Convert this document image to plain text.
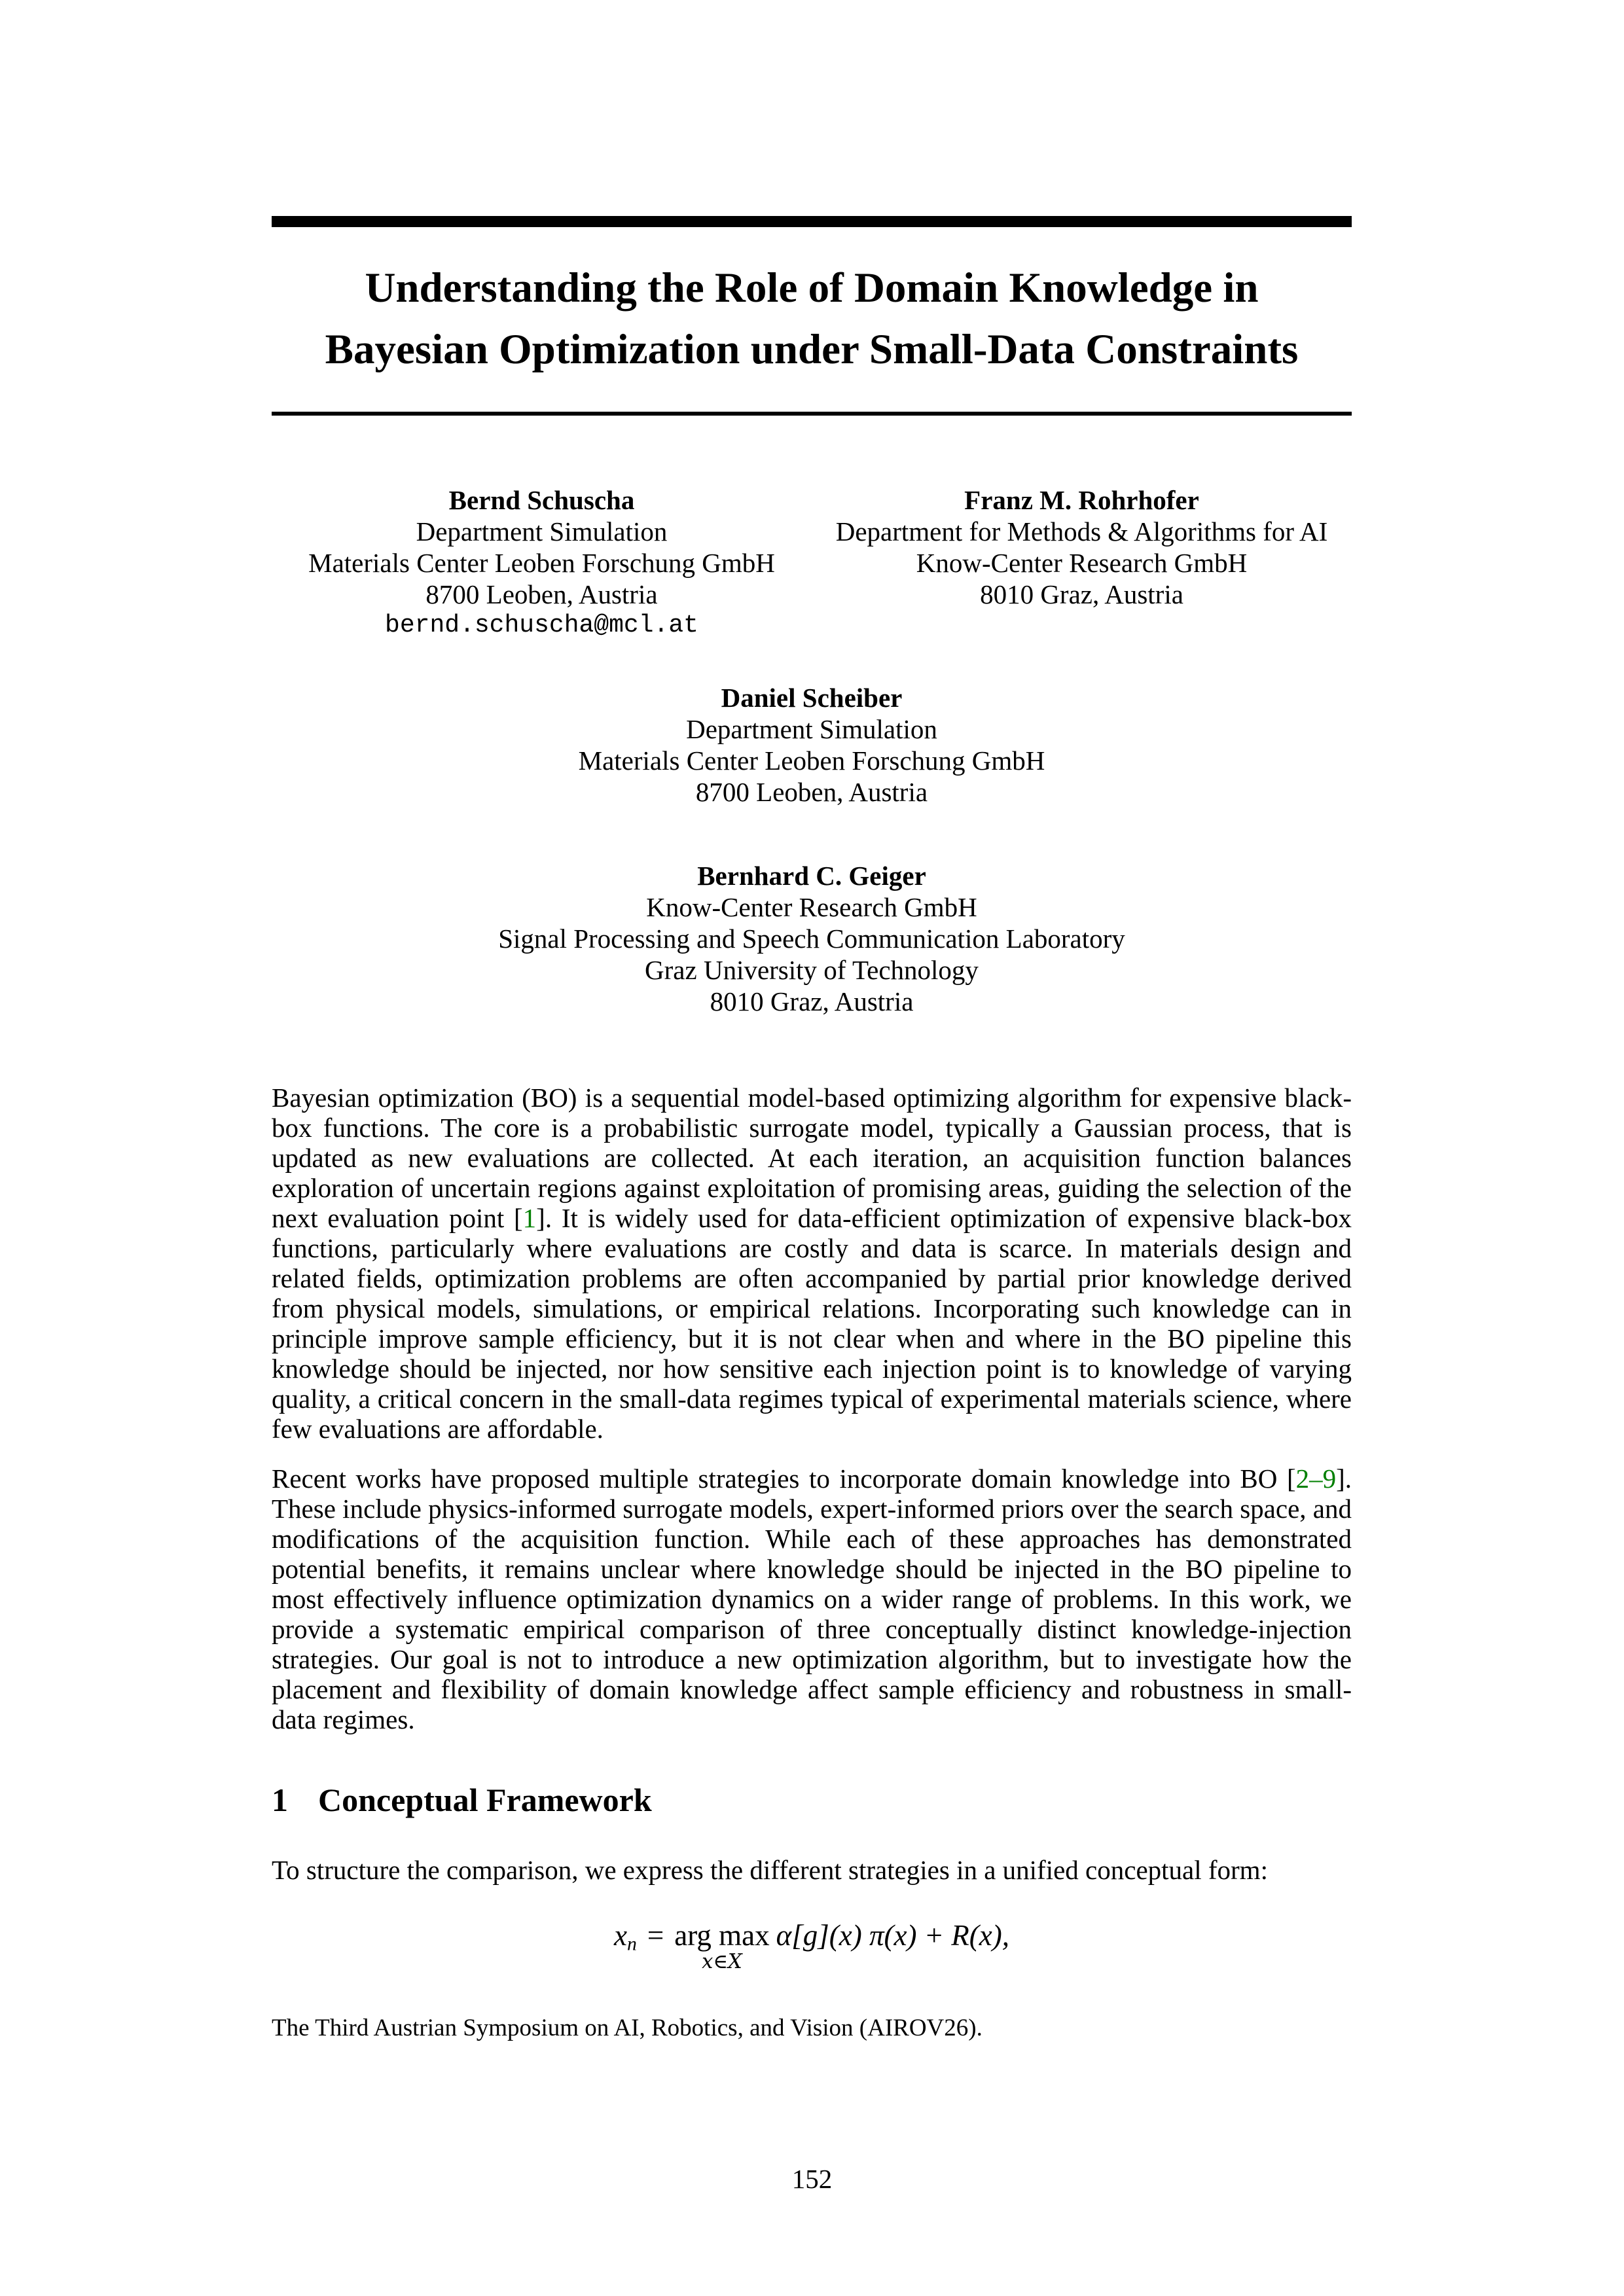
Understanding the Role of Domain Knowledge in
Bayesian Optimization under Small-Data Constraints

Bernd Schuscha

Department Simulation

Materials Center Leoben Forschung GmbH

8700 Leoben, Austria

bernd.schuscha@mcl.at

Franz M. Rohrhofer

Department for Methods & Algorithms for AI

Know-Center Research GmbH

8010 Graz, Austria

Daniel Scheiber

Department Simulation

Materials Center Leoben Forschung GmbH

8700 Leoben, Austria

Bernhard C. Geiger

Know-Center Research GmbH

Signal Processing and Speech Communication Laboratory

Graz University of Technology

8010 Graz, Austria

Bayesian optimization (BO) is a sequential model-based optimizing algorithm for expensive black-box functions. The core is a probabilistic surrogate model, typically a Gaussian process, that is updated as new evaluations are collected. At each iteration, an acquisition function balances exploration of uncertain regions against exploitation of promising areas, guiding the selection of the next evaluation point [1]. It is widely used for data-efficient optimization of expensive black-box functions, particularly where evaluations are costly and data is scarce. In materials design and related fields, optimization problems are often accompanied by partial prior knowledge derived from physical models, simulations, or empirical relations. Incorporating such knowledge can in principle improve sample efficiency, but it is not clear when and where in the BO pipeline this knowledge should be injected, nor how sensitive each injection point is to knowledge of varying quality, a critical concern in the small-data regimes typical of experimental materials science, where few evaluations are affordable.

Recent works have proposed multiple strategies to incorporate domain knowledge into BO [2–9]. These include physics-informed surrogate models, expert-informed priors over the search space, and modifications of the acquisition function. While each of these approaches has demonstrated potential benefits, it remains unclear where knowledge should be injected in the BO pipeline to most effectively influence optimization dynamics on a wider range of problems. In this work, we provide a systematic empirical comparison of three conceptually distinct knowledge-injection strategies. Our goal is not to introduce a new optimization algorithm, but to investigate how the placement and flexibility of domain knowledge affect sample efficiency and robustness in small-data regimes.

1 Conceptual Framework

To structure the comparison, we express the different strategies in a unified conceptual form:

$x_n$ = arg max
x∈X
α[g](x) π(x) + R(x),

The Third Austrian Symposium on AI, Robotics, and Vision (AIROV26).

152
